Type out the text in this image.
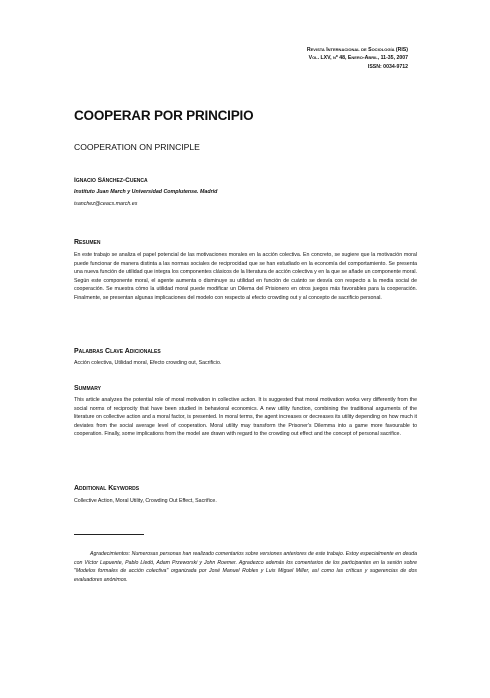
Revista Internacional de Sociología (RIS)
Vol. LXV, nº 48, Enero-Abril, 11-35, 2007
ISSN: 0034-9712
COOPERAR POR PRINCIPIO
COOPERATION ON PRINCIPLE
Ignacio Sánchez-Cuenca
Instituto Juan March y Universidad Complutense. Madrid
isanchez@ceacs.march.es
Resumen
En este trabajo se analiza el papel potencial de las motivaciones morales en la acción colectiva. En concreto, se sugiere que la motivación moral puede funcionar de manera distinta a las normas sociales de reciprocidad que se han estudiado en la economía del comportamiento. Se presenta una nueva función de utilidad que integra los componentes clásicos de la literatura de acción colectiva y en la que se añade un componente moral. Según este componente moral, el agente aumenta o disminuye su utilidad en función de cuánto se desvía con respecto a la media social de cooperación. Se muestra cómo la utilidad moral puede modificar un Dilema del Prisionero en otros juegos más favorables para la cooperación. Finalmente, se presentan algunas implicaciones del modelo con respecto al efecto crowding out y al concepto de sacrificio personal.
Palabras Clave Adicionales
Acción colectiva, Utilidad moral, Efecto crowding out, Sacrificio.
Summary
This article analyzes the potential role of moral motivation in collective action. It is suggested that moral motivation works very differently from the social norms of reciprocity that have been studied in behavioral economics. A new utility function, combining the traditional arguments of the literature on collective action and a moral factor, is presented. In moral terms, the agent increases or decreases its utility depending on how much it deviates from the social average level of cooperation. Moral utility may transform the Prisoner's Dilemma into a game more favourable to cooperation. Finally, some implications from the model are drawn with regard to the crowding out effect and the concept of personal sacrifice.
Additional Keywords
Collective Action, Moral Utility, Crowding Out Effect, Sacrifice.
Agradecimientos: Numerosas personas han realizado comentarios sobre versiones anteriores de este trabajo. Estoy especialmente en deuda con Víctor Lapuente, Pablo Lledó, Adam Przeworski y John Roemer. Agradezco además los comentarios de los participantes en la sesión sobre "Modelos formales de acción colectiva" organizada por José Manuel Robles y Luis Miguel Miller, así como las críticas y sugerencias de dos evaluadores anónimos.
